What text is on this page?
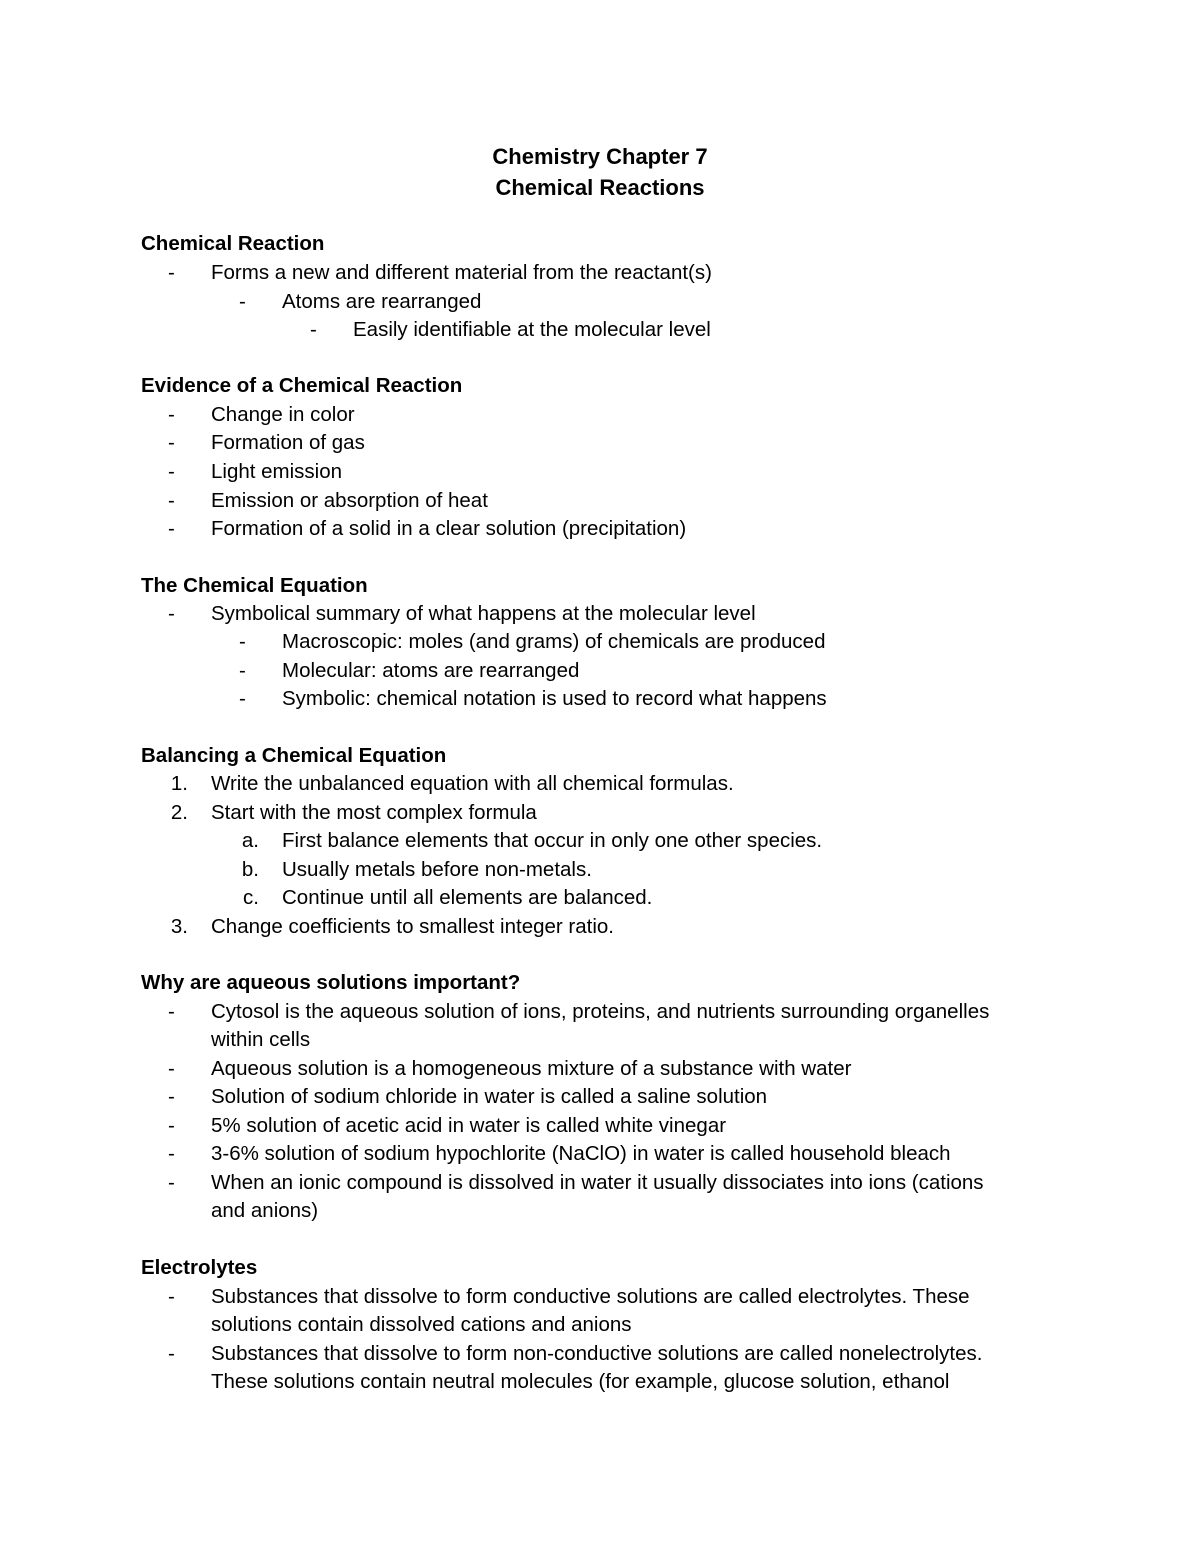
Chemistry Chapter 7
Chemical Reactions
Chemical Reaction
-	Forms a new and different material from the reactant(s)
-	Atoms are rearranged
-	Easily identifiable at the molecular level
Evidence of a Chemical Reaction
-	Change in color
-	Formation of gas
-	Light emission
-	Emission or absorption of heat
-	Formation of a solid in a clear solution (precipitation)
The Chemical Equation
-	Symbolical summary of what happens at the molecular level
-	Macroscopic: moles (and grams) of chemicals are produced
-	Molecular: atoms are rearranged
-	Symbolic: chemical notation is used to record what happens
Balancing a Chemical Equation
1. Write the unbalanced equation with all chemical formulas.
2. Start with the most complex formula
a. First balance elements that occur in only one other species.
b. Usually metals before non-metals.
c. Continue until all elements are balanced.
3. Change coefficients to smallest integer ratio.
Why are aqueous solutions important?
-	Cytosol is the aqueous solution of ions, proteins, and nutrients surrounding organelles
within cells
-	Aqueous solution is a homogeneous mixture of a substance with water
-	Solution of sodium chloride in water is called a saline solution
-	5% solution of acetic acid in water is called white vinegar
-	3-6% solution of sodium hypochlorite (NaClO) in water is called household bleach
-	When an ionic compound is dissolved in water it usually dissociates into ions (cations
and anions)
Electrolytes
-	Substances that dissolve to form conductive solutions are called electrolytes. These
solutions contain dissolved cations and anions
-	Substances that dissolve to form non-conductive solutions are called nonelectrolytes.
These solutions contain neutral molecules (for example, glucose solution, ethanol
